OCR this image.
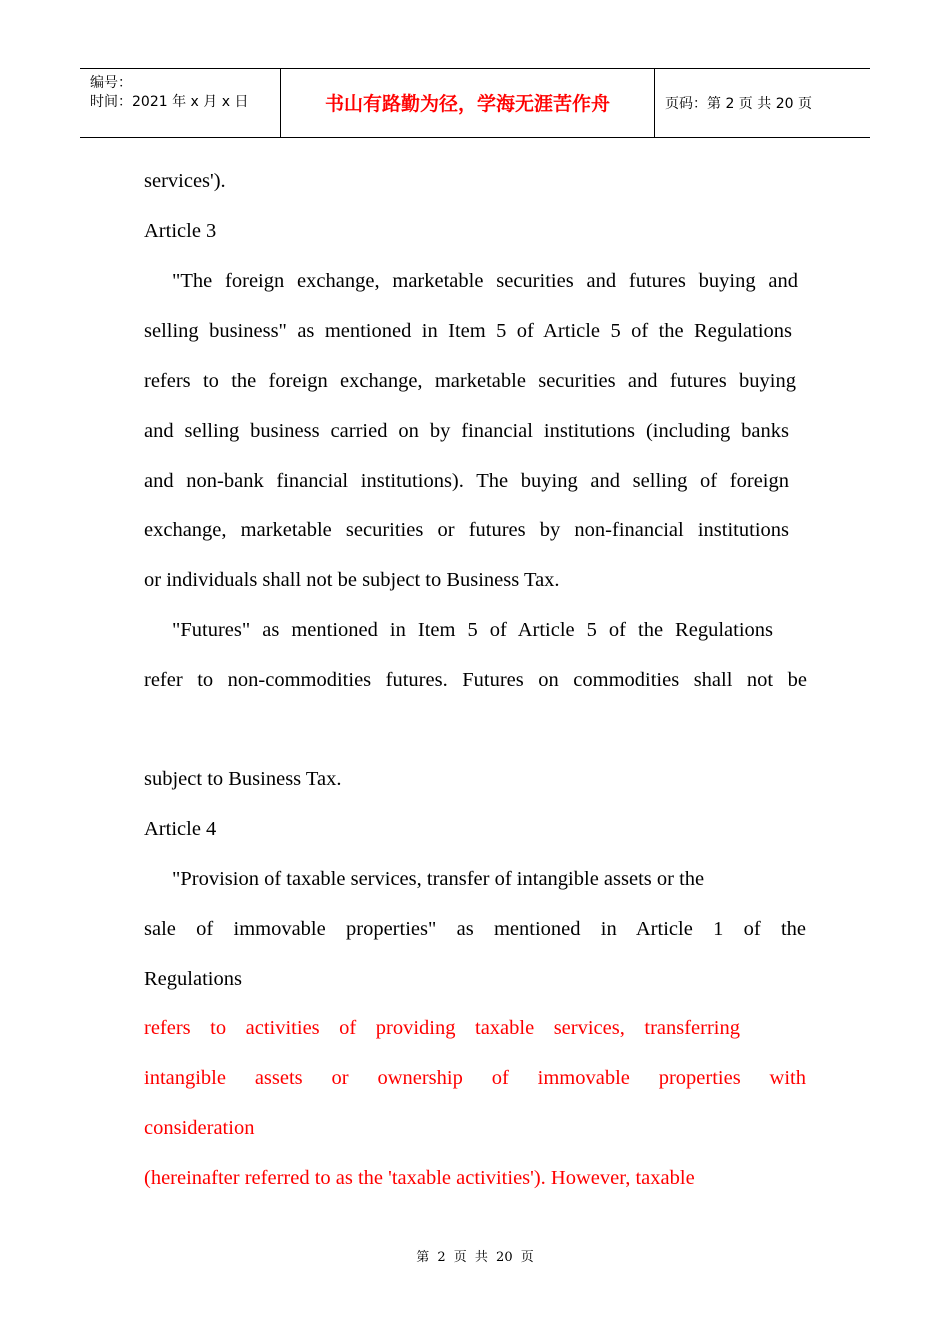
编号：
时间：2021 年 x 月 x 日	书山有路勤为径，学海无涯苦作舟	页码：第 2 页 共 20 页
services').
Article 3
"The foreign exchange, marketable securities and futures buying and
selling business" as mentioned in Item 5 of Article 5 of the Regulations
refers to the foreign exchange, marketable securities and futures buying
and selling business carried on by financial institutions (including banks
and non-bank financial institutions). The buying and selling of foreign
exchange, marketable securities or futures by non-financial institutions
or individuals shall not be subject to Business Tax.
"Futures" as mentioned in Item 5 of Article 5 of the Regulations
refer to non-commodities futures. Futures on commodities shall not be
subject to Business Tax.
Article 4
"Provision of taxable services, transfer of intangible assets or the
sale of immovable properties" as mentioned in Article 1 of the
Regulations
refers to activities of providing taxable services, transferring
intangible assets or ownership of immovable properties with
consideration
(hereinafter referred to as the 'taxable activities'). However, taxable
第 2 页 共 20 页
